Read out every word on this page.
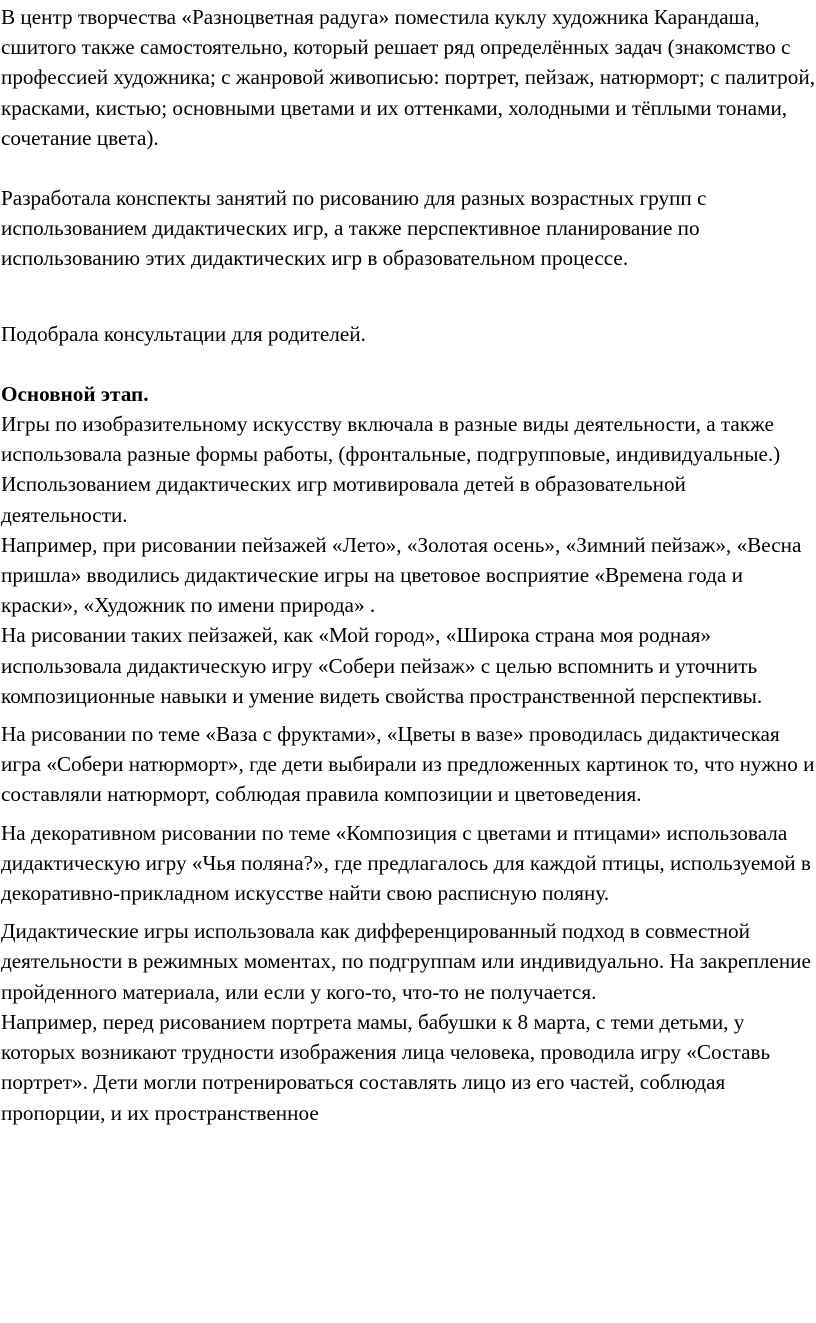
В центр творчества «Разноцветная радуга» поместила куклу художника Карандаша, сшитого также самостоятельно, который решает ряд определённых задач (знакомство с профессией художника; с жанровой живописью: портрет, пейзаж, натюрморт; с палитрой, красками, кистью; основными цветами и их оттенками, холодными и тёплыми тонами, сочетание цвета).

Разработала конспекты занятий по рисованию для разных возрастных групп с использованием дидактических игр, а также перспективное планирование по использованию этих дидактических игр в образовательном процессе.

Подобрала консультации для родителей.

Основной этап.

Игры по изобразительному искусству включала в разные виды деятельности, а также использовала разные формы работы, (фронтальные, подгрупповые, индивидуальные.)

Использованием дидактических игр мотивировала детей в образовательной деятельности.

Например, при рисовании пейзажей «Лето», «Золотая осень», «Зимний пейзаж», «Весна пришла» вводились дидактические игры на цветовое восприятие «Времена года и краски», «Художник по имени природа» .

На рисовании таких пейзажей, как «Мой город», «Широка страна моя родная» использовала дидактическую игру «Собери пейзаж» с целью вспомнить и уточнить композиционные навыки и умение видеть свойства пространственной перспективы.

На рисовании по теме «Ваза с фруктами», «Цветы в вазе» проводилась дидактическая игра «Собери натюрморт», где дети выбирали из предложенных картинок то, что нужно и составляли натюрморт, соблюдая правила композиции и цветоведения.

На декоративном рисовании по теме «Композиция с цветами и птицами» использовала дидактическую игру «Чья поляна?», где предлагалось для каждой птицы, используемой в декоративно-прикладном искусстве найти свою расписную поляну.

Дидактические игры использовала как дифференцированный подход в совместной деятельности в режимных моментах, по подгруппам или индивидуально. На закрепление пройденного материала, или если у кого-то, что-то не получается.

Например, перед рисованием портрета мамы, бабушки к 8 марта, с теми детьми, у которых возникают трудности изображения лица человека, проводила игру «Составь портрет». Дети могли потренироваться составлять лицо из его частей, соблюдая пропорции, и их пространственное
